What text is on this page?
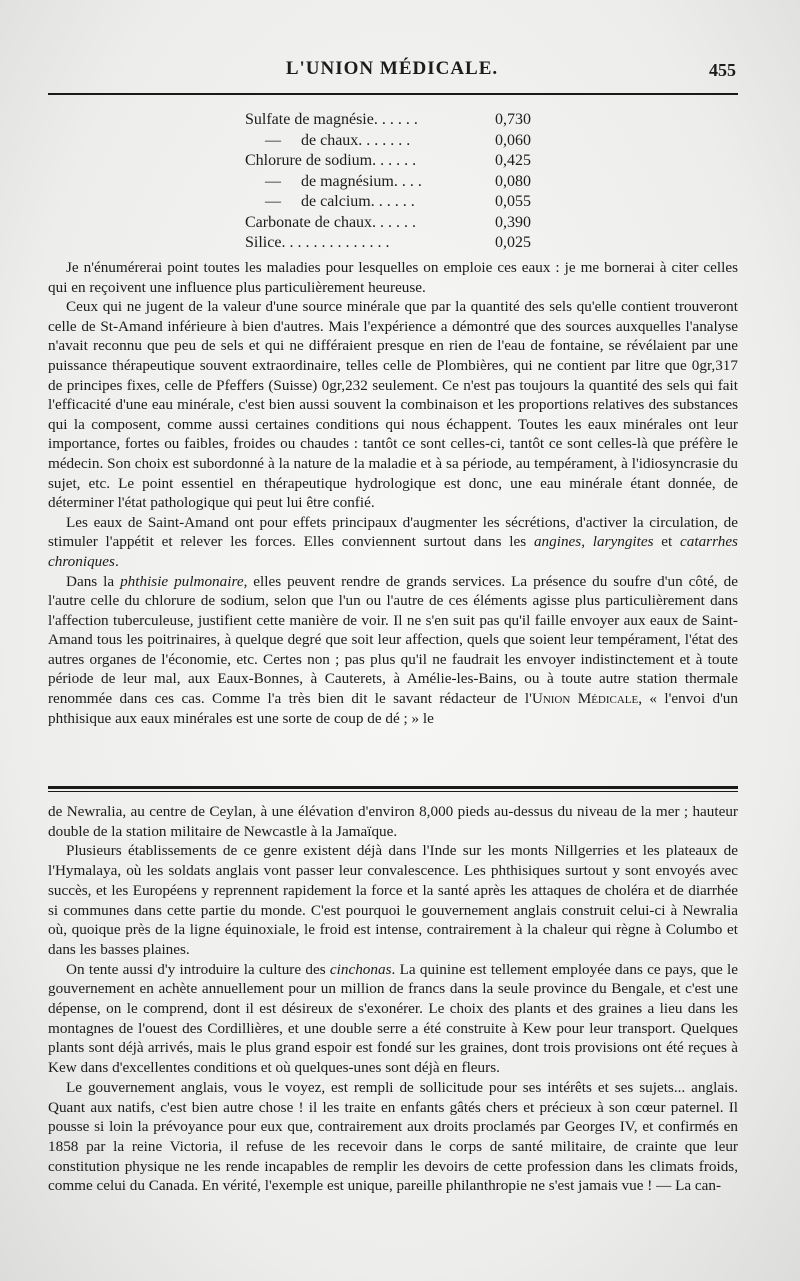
L'UNION MÉDICALE.	455
Sulfate de magnésie. . . . . .	0,730
—     de chaux. . . . . . .	0,060
Chlorure de sodium. . . . . .	0,425
—     de magnésium. . . .	0,080
—     de calcium. . . . . .	0,055
Carbonate de chaux. . . . . .	0,390
Silice. . . . . . . . . . . . . .	0,025

Je n'énumérerai point toutes les maladies pour lesquelles on emploie ces eaux : je me bornerai à citer celles qui en reçoivent une influence plus particulièrement heureuse.

Ceux qui ne jugent de la valeur d'une source minérale que par la quantité des sels qu'elle contient trouveront celle de St-Amand inférieure à bien d'autres. Mais l'expérience a démontré que des sources auxquelles l'analyse n'avait reconnu que peu de sels et qui ne différaient presque en rien de l'eau de fontaine, se révélaient par une puissance thérapeutique souvent extraordinaire, telles celle de Plombières, qui ne contient par litre que 0gr,317 de principes fixes, celle de Pfeffers (Suisse) 0gr,232 seulement. Ce n'est pas toujours la quantité des sels qui fait l'efficacité d'une eau minérale, c'est bien aussi souvent la combinaison et les proportions relatives des substances qui la composent, comme aussi certaines conditions qui nous échappent. Toutes les eaux minérales ont leur importance, fortes ou faibles, froides ou chaudes : tantôt ce sont celles-ci, tantôt ce sont celles-là que préfère le médecin. Son choix est subordonné à la nature de la maladie et à sa période, au tempérament, à l'idiosyncrasie du sujet, etc. Le point essentiel en thérapeutique hydrologique est donc, une eau minérale étant donnée, de déterminer l'état pathologique qui peut lui être confié.

Les eaux de Saint-Amand ont pour effets principaux d'augmenter les sécrétions, d'activer la circulation, de stimuler l'appétit et relever les forces. Elles conviennent surtout dans les angines, laryngites et catarrhes chroniques.

Dans la phthisie pulmonaire, elles peuvent rendre de grands services. La présence du soufre d'un côté, de l'autre celle du chlorure de sodium, selon que l'un ou l'autre de ces éléments agisse plus particulièrement dans l'affection tuberculeuse, justifient cette manière de voir. Il ne s'en suit pas qu'il faille envoyer aux eaux de Saint-Amand tous les poitrinaires, à quelque degré que soit leur affection, quels que soient leur tempérament, l'état des autres organes de l'économie, etc. Certes non ; pas plus qu'il ne faudrait les envoyer indistinctement et à toute période de leur mal, aux Eaux-Bonnes, à Cauterets, à Amélie-les-Bains, ou à toute autre station thermale renommée dans ces cas. Comme l'a très bien dit le savant rédacteur de l'Union Médicale, « l'envoi d'un phthisique aux eaux minérales est une sorte de coup de dé ; » le

de Newralia, au centre de Ceylan, à une élévation d'environ 8,000 pieds au-dessus du niveau de la mer ; hauteur double de la station militaire de Newcastle à la Jamaïque.

Plusieurs établissements de ce genre existent déjà dans l'Inde sur les monts Nillgerries et les plateaux de l'Hymalaya, où les soldats anglais vont passer leur convalescence. Les phthisiques surtout y sont envoyés avec succès, et les Européens y reprennent rapidement la force et la santé après les attaques de choléra et de diarrhée si communes dans cette partie du monde. C'est pourquoi le gouvernement anglais construit celui-ci à Newralia où, quoique près de la ligne équinoxiale, le froid est intense, contrairement à la chaleur qui règne à Columbo et dans les basses plaines.

On tente aussi d'y introduire la culture des cinchonas. La quinine est tellement employée dans ce pays, que le gouvernement en achète annuellement pour un million de francs dans la seule province du Bengale, et c'est une dépense, on le comprend, dont il est désireux de s'exonérer. Le choix des plants et des graines a lieu dans les montagnes de l'ouest des Cordillières, et une double serre a été construite à Kew pour leur transport. Quelques plants sont déjà arrivés, mais le plus grand espoir est fondé sur les graines, dont trois provisions ont été reçues à Kew dans d'excellentes conditions et où quelques-unes sont déjà en fleurs.

Le gouvernement anglais, vous le voyez, est rempli de sollicitude pour ses intérêts et ses sujets... anglais. Quant aux natifs, c'est bien autre chose ! il les traite en enfants gâtés chers et précieux à son cœur paternel. Il pousse si loin la prévoyance pour eux que, contrairement aux droits proclamés par Georges IV, et confirmés en 1858 par la reine Victoria, il refuse de les recevoir dans le corps de santé militaire, de crainte que leur constitution physique ne les rende incapables de remplir les devoirs de cette profession dans les climats froids, comme celui du Canada. En vérité, l'exemple est unique, pareille philanthropie ne s'est jamais vue ! — La can-
